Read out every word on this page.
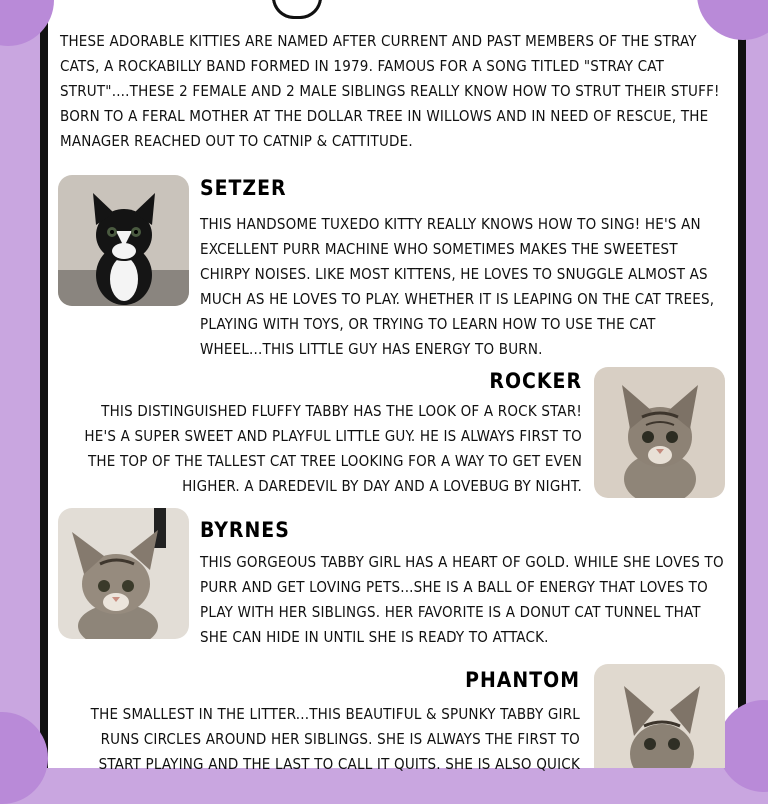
THESE ADORABLE KITTIES ARE NAMED AFTER CURRENT AND PAST MEMBERS OF THE STRAY CATS, A ROCKABILLY BAND FORMED IN 1979. FAMOUS FOR A SONG TITLED "STRAY CAT STRUT"....THESE 2 FEMALE AND 2 MALE SIBLINGS REALLY KNOW HOW TO STRUT THEIR STUFF! BORN TO A FERAL MOTHER AT THE DOLLAR TREE IN WILLOWS AND IN NEED OF RESCUE, THE MANAGER REACHED OUT TO CATNIP & CATTITUDE.
SETZER
THIS HANDSOME TUXEDO KITTY REALLY KNOWS HOW TO SING! HE'S AN EXCELLENT PURR MACHINE WHO SOMETIMES MAKES THE SWEETEST CHIRPY NOISES. LIKE MOST KITTENS, HE LOVES TO SNUGGLE ALMOST AS MUCH AS HE LOVES TO PLAY. WHETHER IT IS LEAPING ON THE CAT TREES, PLAYING WITH TOYS, OR TRYING TO LEARN HOW TO USE THE CAT WHEEL...THIS LITTLE GUY HAS ENERGY TO BURN.
ROCKER
THIS DISTINGUISHED FLUFFY TABBY HAS THE LOOK OF A ROCK STAR! HE'S A SUPER SWEET AND PLAYFUL LITTLE GUY. HE IS ALWAYS FIRST TO THE TOP OF THE TALLEST CAT TREE LOOKING FOR A WAY TO GET EVEN HIGHER. A DAREDEVIL BY DAY AND A LOVEBUG BY NIGHT.
BYRNES
THIS GORGEOUS TABBY GIRL HAS A HEART OF GOLD. WHILE SHE LOVES TO PURR AND GET LOVING PETS...SHE IS A BALL OF ENERGY THAT LOVES TO PLAY WITH HER SIBLINGS. HER FAVORITE IS A DONUT CAT TUNNEL THAT SHE CAN HIDE IN UNTIL SHE IS READY TO ATTACK.
PHANTOM
THE SMALLEST IN THE LITTER...THIS BEAUTIFUL & SPUNKY TABBY GIRL RUNS CIRCLES AROUND HER SIBLINGS. SHE IS ALWAYS THE FIRST TO START PLAYING AND THE LAST TO CALL IT QUITS. SHE IS ALSO QUICK
